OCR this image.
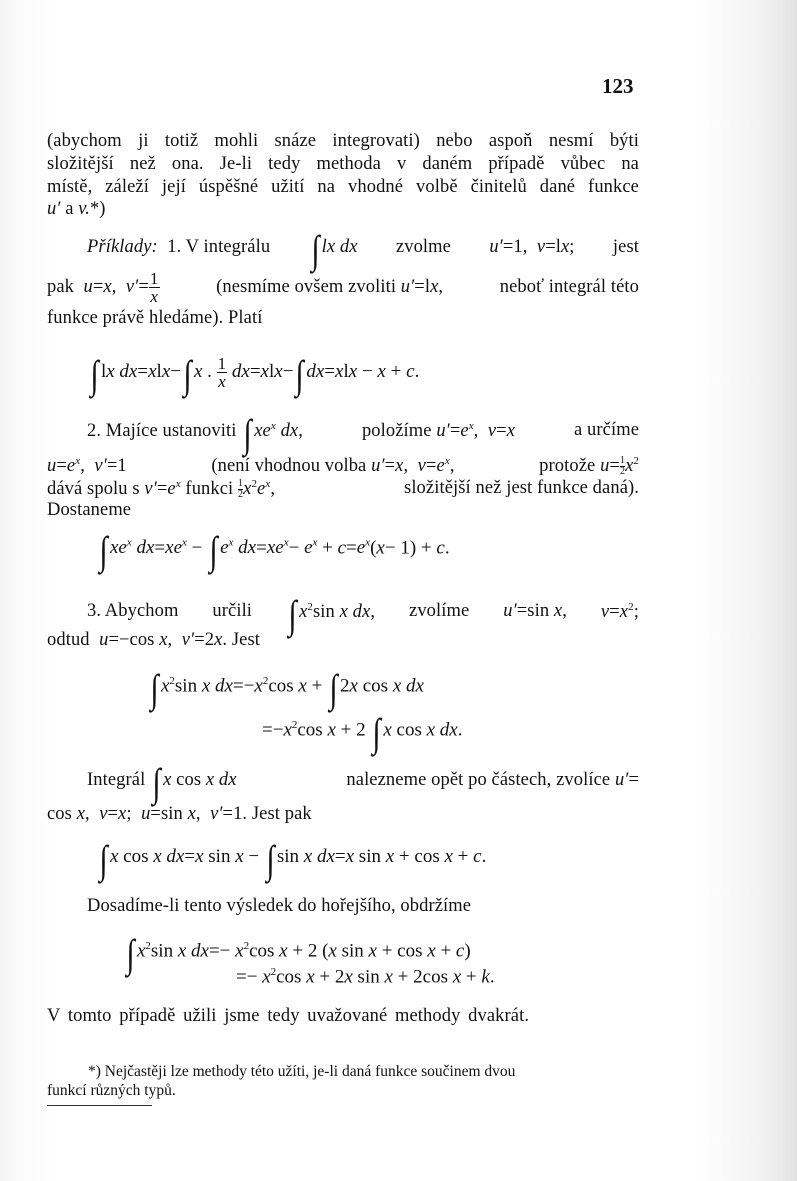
123
(abychom ji totiž mohli snáze integrovati) nebo aspoň nesmí býti
složitější než ona. Je-li tedy methoda v daném případě vůbec na
místě, záleží její úspěšné užití na vhodné volbě činitelů dané funkce
u′ a v.*)
Příklady:  1. V integrálu ∫ lx dx zvolme u′=1,  v=lx; jest
pak  u=x,  $v'= \frac{1}{x}$	(nesmíme ovšem zvoliti u′=lx,	neboť integrál této
funkce právě hledáme). Platí
∫ lx dx=xlx−∫ x . $\frac{1}{x} dx=xlx-\int$ dx=xlx − x + c.
2. Majíce ustanoviti ∫ $xe^x$ dx,	položíme $u'=e^x$,  v=x	a určíme
$u=e^x$,  v′=1	(není vhodnou volba u′=x,  $v=e^x$,	protože $u= \frac{1}{2}x^2$
dává spolu s $v'=e^x$ funkci $\frac{1}{2}x^2e^x$,	složitější než jest funkce daná).
Dostaneme
∫ $xe^x$ $dx=xe^x$ − ∫ $e^x$ $dx=xe^x- e^x + c=e^x(x- 1) + c$.
3. Abychom určili ∫ $x^2\sin$ x dx, zvolíme u′=sin x, $v=x^2$;
odtud  u=−cos x,  v′=2x. Jest
∫ $x^2\sin$ x $dx=-x^2\cos$ x + ∫ 2x cos x dx
$=-x^2\cos$ x + 2 ∫ x cos x dx.
Integrál ∫ x cos x dx	nalezneme opět po částech, zvolíce u′=
cos x,  v=x;  u=sin x,  v′=1. Jest pak
∫ x cos x dx=x sin x − ∫ sin x dx=x sin x + cos x + c.
Dosadíme-li tento výsledek do hořejšího, obdržíme
∫ $x^2\sin$ x $dx=- x^2\cos$ x + 2 (x sin x + cos x + c)
=− $x^2\cos$ x + 2x sin x + 2cos x + k.
V tomto případě užili jsme tedy uvažované methody dvakrát.
*) Nejčastěji lze methody této užíti, je-li daná funkce součinem dvou
funkcí různých typů.
